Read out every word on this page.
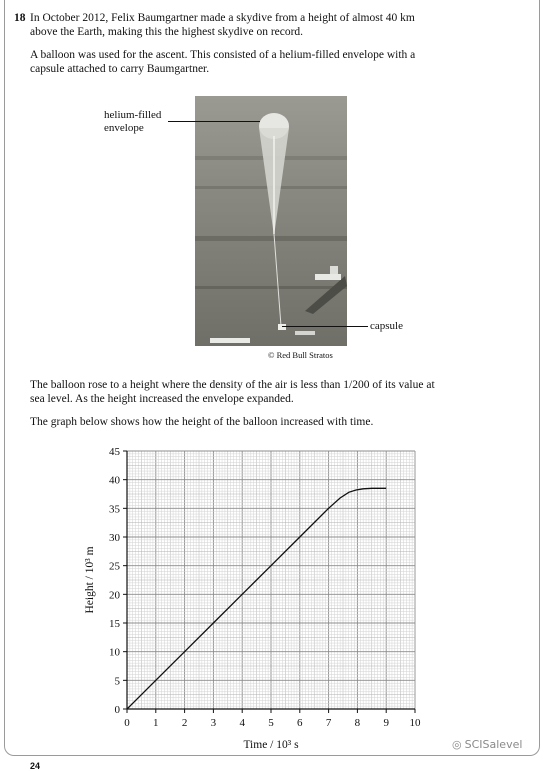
18 In October 2012, Felix Baumgartner made a skydive from a height of almost 40 km
above the Earth, making this the highest skydive on record.
A balloon was used for the ascent. This consisted of a helium-filled envelope with a
capsule attached to carry Baumgartner.
helium-filled
envelope
capsule
© Red Bull Stratos
The balloon rose to a height where the density of the air is less than 1/200 of its value at
sea level. As the height increased the envelope expanded.
The graph below shows how the height of the balloon increased with time.
0 1 2 3 4 5 6 7 8 9 10
0
5
10
15
20
25
30
35
40
45
Time / 10³ s
Height / 10³ m
◎ SCISalevel
24
